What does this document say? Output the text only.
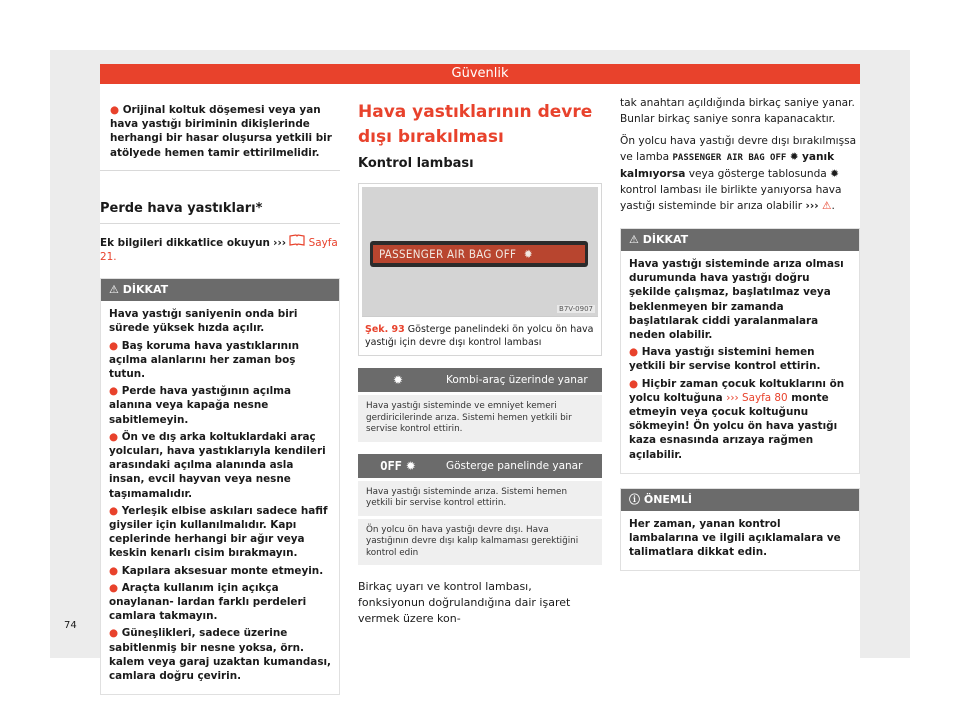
Güvenlik

● Orijinal koltuk döşemesi veya yan hava yastığı biriminin dikişlerinde herhangi bir hasar oluşursa yetkili bir atölyede hemen tamir ettirilmelidir.

Perde hava yastıkları*

Ek bilgileri dikkatlice okuyun ››› Sayfa 21.

⚠ DİKKAT

Hava yastığı saniyenin onda biri sürede yüksek hızda açılır.

● Baş koruma hava yastıklarının açılma alanlarını her zaman boş tutun.

● Perde hava yastığının açılma alanına veya kapağa nesne sabitlemeyin.

● Ön ve dış arka koltuklardaki araç yolcuları, hava yastıklarıyla kendileri arasındaki açılma alanında asla insan, evcil hayvan veya nesne taşımamalıdır.

● Yerleşik elbise askıları sadece hafif giysiler için kullanılmalıdır. Kapı ceplerinde herhangi bir ağır veya keskin kenarlı cisim bırakmayın.

● Kapılara aksesuar monte etmeyin.

● Araçta kullanım için açıkça onaylanan- lardan farklı perdeleri camlara takmayın.

● Güneşlikleri, sadece üzerine sabitlenmiş bir nesne yoksa, örn. kalem veya garaj uzaktan kumandası, camlara doğru çevirin.

Hava yastıklarının devre dışı bırakılması
Kontrol lambası
PASSENGER AIR BAG OFF ✹
B7V-0907
Şek. 93 Gösterge panelindeki ön yolcu ön hava yastığı için devre dışı kontrol lambası
✹	Kombi-araç üzerinde yanar
Hava yastığı sisteminde ve emniyet kemeri gerdiricilerinde arıza. Sistemi hemen yetkili bir servise kontrol ettirin.
OFF ✹	Gösterge panelinde yanar
Hava yastığı sisteminde arıza. Sistemi hemen yetkili bir servise kontrol ettirin.
Ön yolcu ön hava yastığı devre dışı. Hava yastığının devre dışı kalıp kalmaması gerektiğini kontrol edin

Birkaç uyarı ve kontrol lambası, fonksiyonun doğrulandığına dair işaret vermek üzere kon-

tak anahtarı açıldığında birkaç saniye yanar. Bunlar birkaç saniye sonra kapanacaktır.

Ön yolcu hava yastığı devre dışı bırakılmışsa ve lamba PASSENGER AIR BAG OFF ✹ yanık kalmıyorsa veya gösterge tablosunda ✹ kontrol lambası ile birlikte yanıyorsa hava yastığı sisteminde bir arıza olabilir ››› ⚠.

⚠ DİKKAT

Hava yastığı sisteminde arıza olması durumunda hava yastığı doğru şekilde çalışmaz, başlatılmaz veya beklenmeyen bir zamanda başlatılarak ciddi yaralanmalara neden olabilir.

● Hava yastığı sistemini hemen yetkili bir servise kontrol ettirin.

● Hiçbir zaman çocuk koltuklarını ön yolcu koltuğuna ››› Sayfa 80 monte etmeyin veya çocuk koltuğunu sökmeyin! Ön yolcu ön hava yastığı kaza esnasında arızaya rağmen açılabilir.

ⓘ ÖNEMLİ

Her zaman, yanan kontrol lambalarına ve ilgili açıklamalara ve talimatlara dikkat edin.

74
